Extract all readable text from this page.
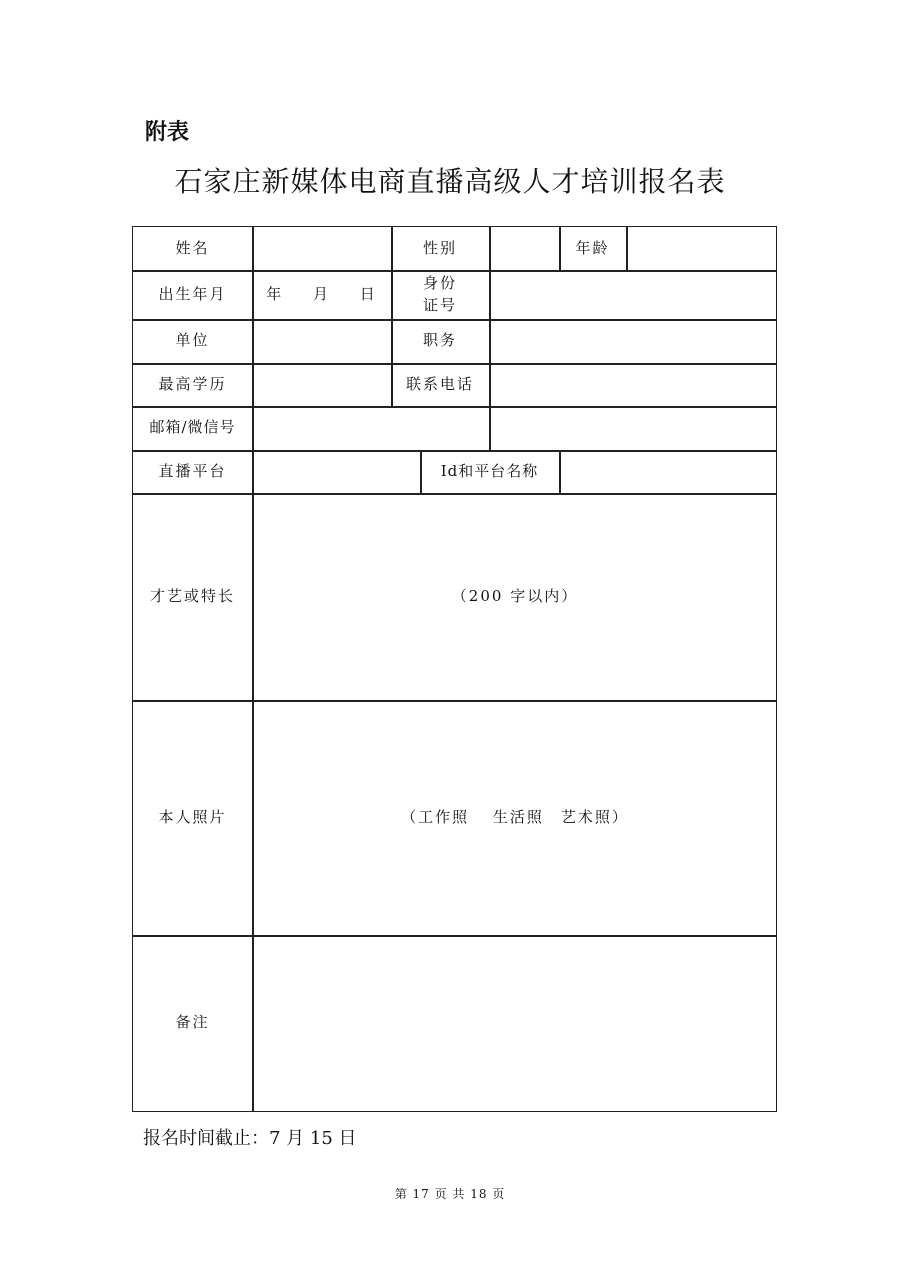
附表
石家庄新媒体电商直播高级人才培训报名表
姓名	性别	年龄
出生年月	年　 月　 日
身份
证号
单位	职务
最高学历	联系电话
邮箱/微信号
直播平台	Id和平台名称
才艺或特长	（200 字以内）
本人照片	（工作照　 生活照　艺术照）
备注
报名时间截止：7 月 15 日
第 17 页 共 18 页
